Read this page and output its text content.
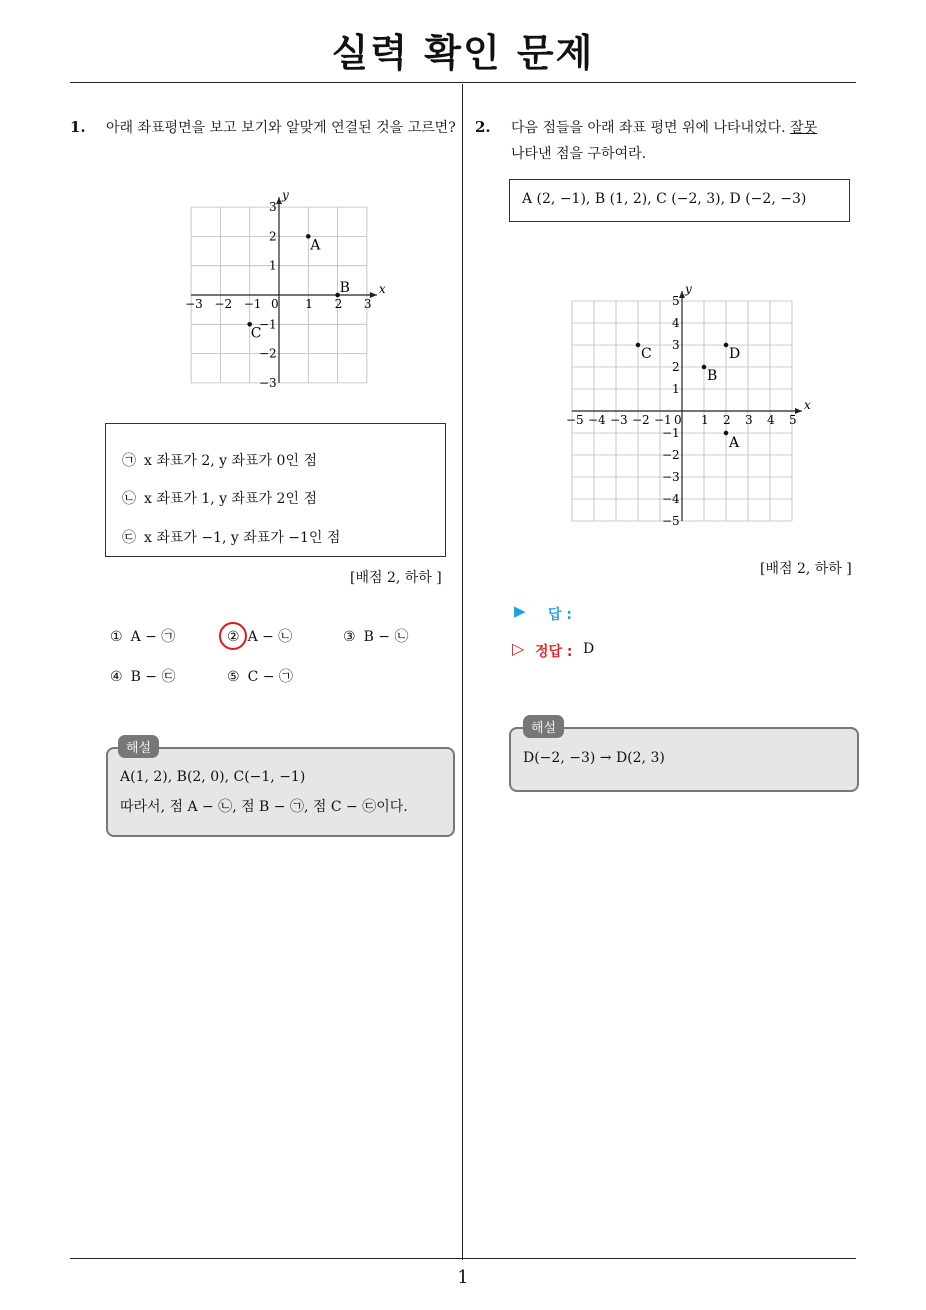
실력 확인 문제
1
1. 아래 좌표평면을 보고 보기와 알맞게 연결된 것을 고르면?
x
y
−3 −2 −1 0 1 2 3
3
2
1
−1
−2
−3
A
B
C
㉠ x 좌표가 2, y 좌표가 0인 점
㉡ x 좌표가 1, y 좌표가 2인 점
㉢ x 좌표가 −1, y 좌표가 −1인 점
[배점 2, 하하 ]
① A − ㉠	② A − ㉡	③ B − ㉡
④ B − ㉢	⑤ C − ㉠
A(1, 2), B(2, 0), C(−1, −1)
따라서, 점 A − ㉡, 점 B − ㉠, 점 C − ㉢이다.
해설
2. 다음 점들을 아래 좌표 평면 위에 나타내었다. 잘못
나타낸 점을 구하여라.
A (2, −1), B (1, 2), C (−2, 3), D (−2, −3)
x
y
−5 −4 −3 −2 −1 0 1 2 3 4 5
5
4
3
2
1
−1
−2
−3
−4
−5
A
B
C	D
[배점 2, 하하 ]
▶ 답 :
▷ 정답 : D
D(−2, −3) → D(2, 3)
해설
